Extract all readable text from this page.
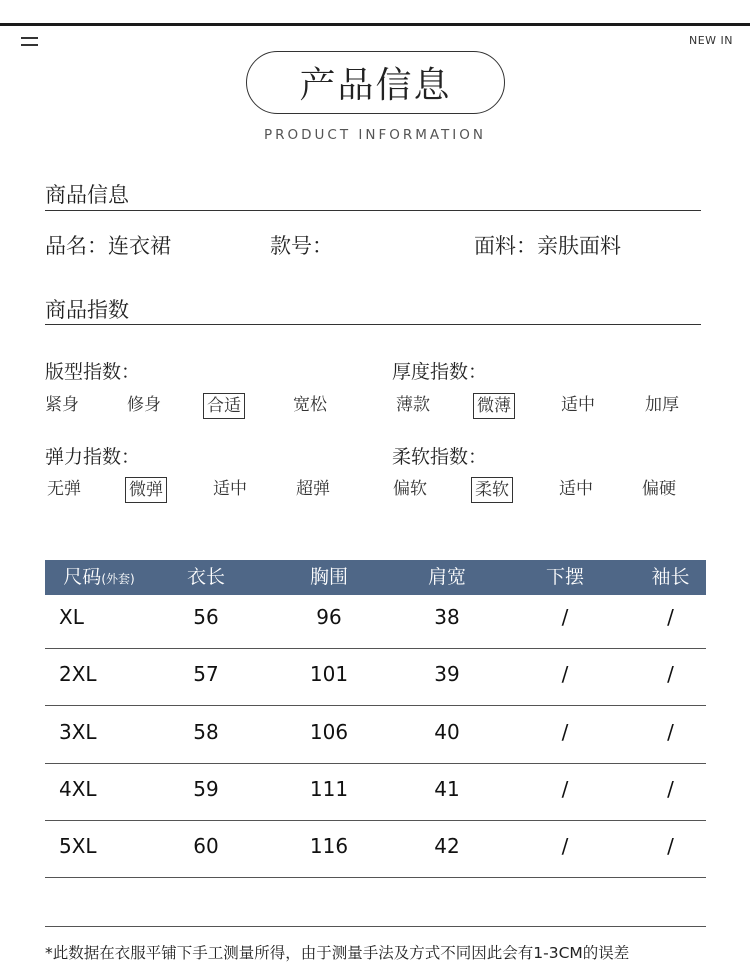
NEW IN
产品信息
PRODUCT INFORMATION
商品信息
品名：连衣裙	款号：	面料：亲肤面料
商品指数
版型指数：
紧身	修身	合适	宽松
厚度指数：
薄款	微薄	适中	加厚
弹力指数：
无弹	微弹	适中	超弹
柔软指数：
偏软	柔软	适中	偏硬
尺码(外套)	衣长	胸围	肩宽	下摆	袖长
XL	56	96	38	/	/
2XL	57	101	39	/	/
3XL	58	106	40	/	/
4XL	59	111	41	/	/
5XL	60	116	42	/	/
*此数据在衣服平铺下手工测量所得，由于测量手法及方式不同因此会有1-3CM的误差
